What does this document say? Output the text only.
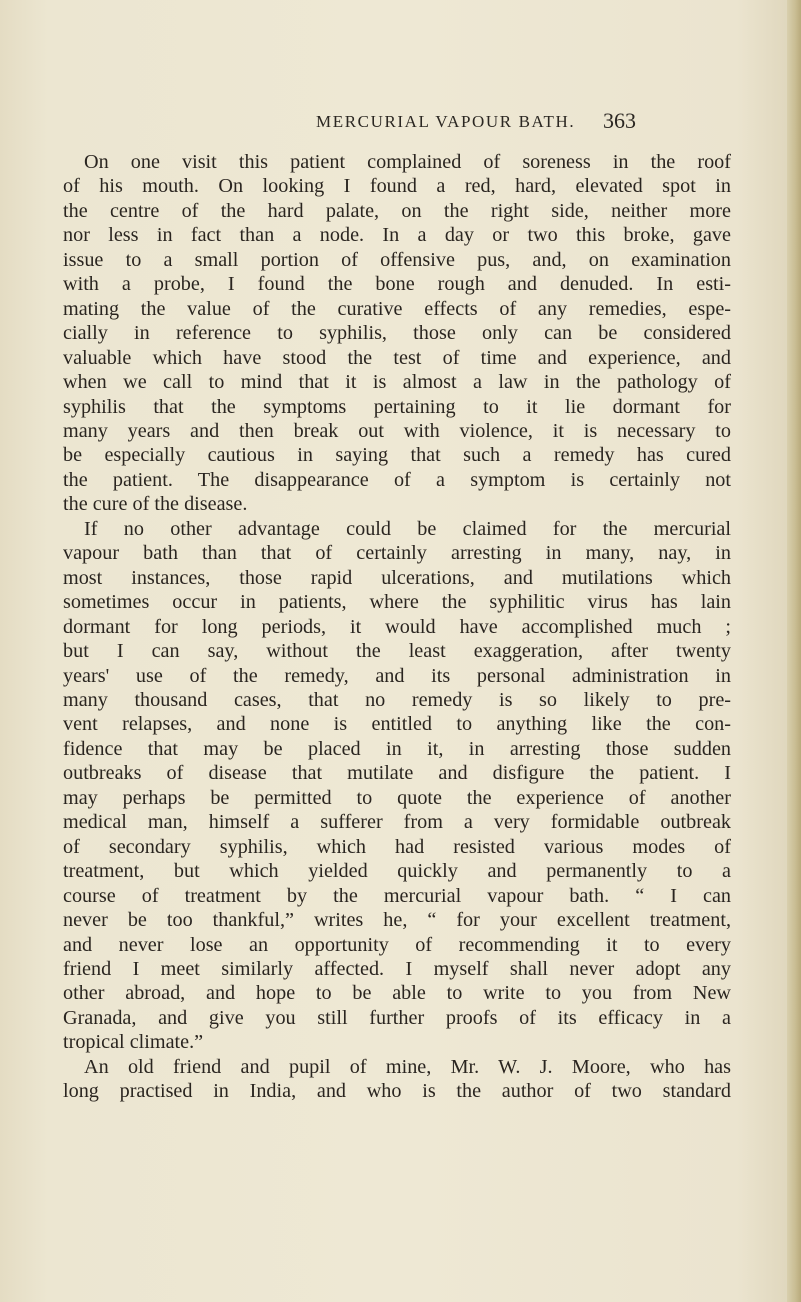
MERCURIAL VAPOUR BATH. 363
On one visit this patient complained of soreness in the roof
of his mouth. On looking I found a red, hard, elevated spot in
the centre of the hard palate, on the right side, neither more
nor less in fact than a node. In a day or two this broke, gave
issue to a small portion of offensive pus, and, on examination
with a probe, I found the bone rough and denuded. In esti-
mating the value of the curative effects of any remedies, espe-
cially in reference to syphilis, those only can be considered
valuable which have stood the test of time and experience, and
when we call to mind that it is almost a law in the pathology of
syphilis that the symptoms pertaining to it lie dormant for
many years and then break out with violence, it is necessary to
be especially cautious in saying that such a remedy has cured
the patient. The disappearance of a symptom is certainly not
the cure of the disease.
If no other advantage could be claimed for the mercurial
vapour bath than that of certainly arresting in many, nay, in
most instances, those rapid ulcerations, and mutilations which
sometimes occur in patients, where the syphilitic virus has lain
dormant for long periods, it would have accomplished much ;
but I can say, without the least exaggeration, after twenty
years' use of the remedy, and its personal administration in
many thousand cases, that no remedy is so likely to pre-
vent relapses, and none is entitled to anything like the con-
fidence that may be placed in it, in arresting those sudden
outbreaks of disease that mutilate and disfigure the patient. I
may perhaps be permitted to quote the experience of another
medical man, himself a sufferer from a very formidable outbreak
of secondary syphilis, which had resisted various modes of
treatment, but which yielded quickly and permanently to a
course of treatment by the mercurial vapour bath. “ I can
never be too thankful,” writes he, “ for your excellent treatment,
and never lose an opportunity of recommending it to every
friend I meet similarly affected. I myself shall never adopt any
other abroad, and hope to be able to write to you from New
Granada, and give you still further proofs of its efficacy in a
tropical climate.”
An old friend and pupil of mine, Mr. W. J. Moore, who has
long practised in India, and who is the author of two standard
